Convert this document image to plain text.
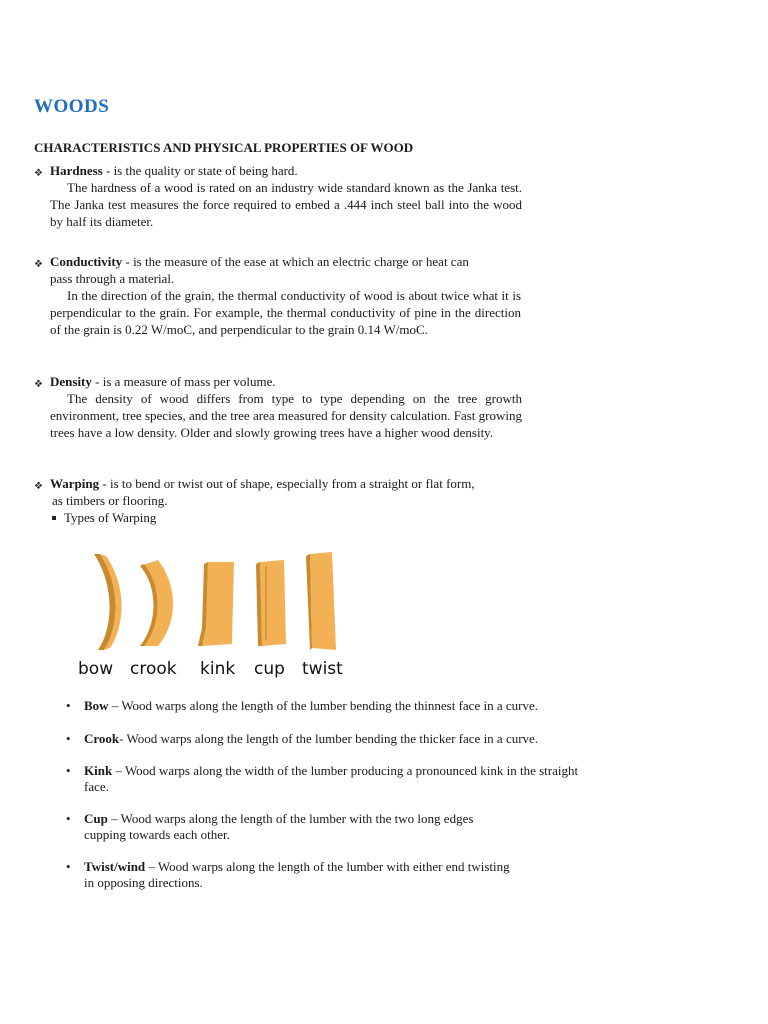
WOODS
CHARACTERISTICS AND PHYSICAL PROPERTIES OF WOOD
❖ Hardness - is the quality or state of being hard.
The hardness of a wood is rated on an industry wide standard known as the Janka test. The Janka test measures the force required to embed a .444 inch steel ball into the wood by half its diameter.
❖ Conductivity - is the measure of the ease at which an electric charge or heat can
pass through a material.
In the direction of the grain, the thermal conductivity of wood is about twice what it is perpendicular to the grain. For example, the thermal conductivity of pine in the direction of the grain is 0.22 W/moC, and perpendicular to the grain 0.14 W/moC.
❖ Density - is a measure of mass per volume.
The density of wood differs from type to type depending on the tree growth environment, tree species, and the tree area measured for density calculation. Fast growing trees have a low density. Older and slowly growing trees have a higher wood density.
❖ Warping - is to bend or twist out of shape, especially from a straight or flat form,
as timbers or flooring.
Types of Warping
bow crook kink cup twist
•	Bow – Wood warps along the length of the lumber bending the thinnest face in a curve.
•	Crook- Wood warps along the length of the lumber bending the thicker face in a curve.
•	Kink – Wood warps along the width of the lumber producing a pronounced kink in the straight face.
•	Cup – Wood warps along the length of the lumber with the two long edges cupping towards each other.
•	Twist/wind – Wood warps along the length of the lumber with either end twisting in opposing directions.
